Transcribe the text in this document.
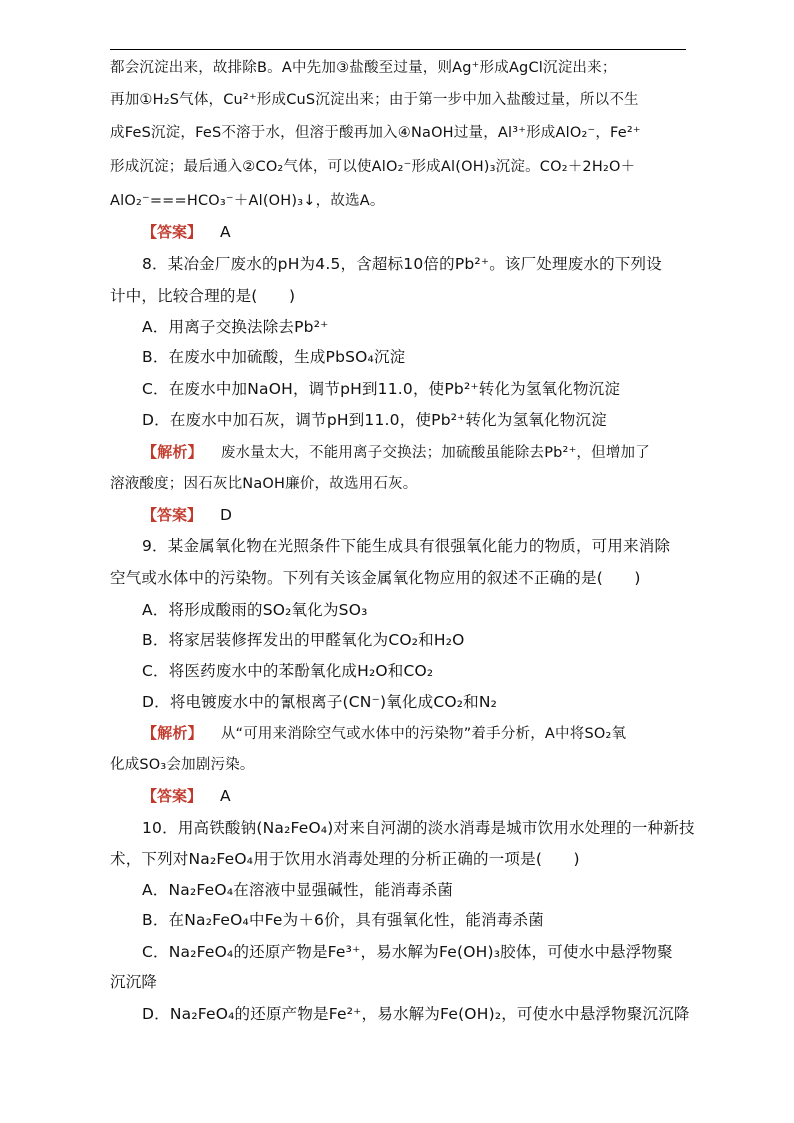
都会沉淀出来，故排除B。A中先加③盐酸至过量，则Ag⁺形成AgCl沉淀出来；
再加①H₂S气体，Cu²⁺形成CuS沉淀出来；由于第一步中加入盐酸过量，所以不生
成FeS沉淀，FeS不溶于水，但溶于酸再加入④NaOH过量，Al³⁺形成AlO₂⁻，Fe²⁺
形成沉淀；最后通入②CO₂气体，可以使AlO₂⁻形成Al(OH)₃沉淀。CO₂＋2H₂O＋
AlO₂⁻===HCO₃⁻＋Al(OH)₃↓，故选A。
【答案】 A
8．某冶金厂废水的pH为4.5，含超标10倍的Pb²⁺。该厂处理废水的下列设
计中，比较合理的是(　　)
A．用离子交换法除去Pb²⁺
B．在废水中加硫酸，生成PbSO₄沉淀
C．在废水中加NaOH，调节pH到11.0，使Pb²⁺转化为氢氧化物沉淀
D．在废水中加石灰，调节pH到11.0，使Pb²⁺转化为氢氧化物沉淀
【解析】 废水量太大，不能用离子交换法；加硫酸虽能除去Pb²⁺，但增加了
溶液酸度；因石灰比NaOH廉价，故选用石灰。
【答案】 D
9．某金属氧化物在光照条件下能生成具有很强氧化能力的物质，可用来消除
空气或水体中的污染物。下列有关该金属氧化物应用的叙述不正确的是(　　)
A．将形成酸雨的SO₂氧化为SO₃
B．将家居装修挥发出的甲醛氧化为CO₂和H₂O
C．将医药废水中的苯酚氧化成H₂O和CO₂
D．将电镀废水中的氰根离子(CN⁻)氧化成CO₂和N₂
【解析】 从“可用来消除空气或水体中的污染物”着手分析，A中将SO₂氧
化成SO₃会加剧污染。
【答案】 A
10．用高铁酸钠(Na₂FeO₄)对来自河湖的淡水消毒是城市饮用水处理的一种新技
术，下列对Na₂FeO₄用于饮用水消毒处理的分析正确的一项是(　　)
A．Na₂FeO₄在溶液中显强碱性，能消毒杀菌
B．在Na₂FeO₄中Fe为＋6价，具有强氧化性，能消毒杀菌
C．Na₂FeO₄的还原产物是Fe³⁺，易水解为Fe(OH)₃胶体，可使水中悬浮物聚
沉沉降
D．Na₂FeO₄的还原产物是Fe²⁺，易水解为Fe(OH)₂，可使水中悬浮物聚沉沉降
